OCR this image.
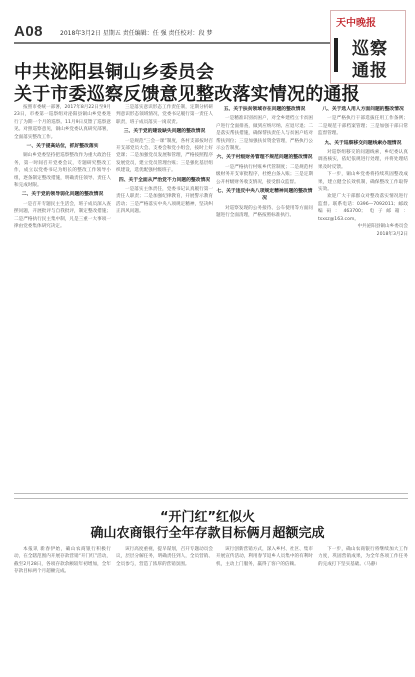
A08	2018年3月2日 星期五 责任编辑：任 强 责任校对：段 梦
天中晚报
巡察
通报
中共泌阳县铜山乡委员会
关于市委巡察反馈意见整改落实情况的通报

按照市委统一部署，2017年8月22日至9月23日，市委第一巡察组对泌阳县铜山乡党委进行了为期一个月的巡察。11月9日反馈了巡察意见。对照巡察意见，铜山乡党委认真研究部署，全面落实整改工作。

一、关于提高站位，抓好整改落实

铜山乡党委坚持把巡察整改作为重大政治任务，第一时间召开党委会议，专题研究整改工作，成立以党委书记为组长的整改工作领导小组，逐条制定整改措施，明确责任领导、责任人和完成时限。

二、关于党的领导弱化问题的整改情况

一是召开专题民主生活会，班子成员深入查摆问题，开展批评与自我批评，制定整改措施；二是严格执行民主集中制，凡是三重一大事项一律由党委集体研究决定。

三是落实意识形态工作责任制，定期分析研判意识形态领域情况，党委书记履行第一责任人职责，班子成员落实一岗双责。

三、关于党的建设缺失问题的整改情况

一是规范“三会一课”制度，各村支部按时召开支部党员大会、支委会和党小组会，按时上好党课；二是加强党员发展和管理，严格按照程序发展党员，建立党员管理台账；三是强化基层组织建设，选优配强村级班子。

四、关于全面从严治党不力问题的整改情况

一是落实主体责任，党委书记认真履行第一责任人职责；二是加强纪律教育，开展警示教育活动；三是严格落实中央八项规定精神，坚决纠正四风问题。

五、关于扶贫领域存在问题的整改情况

一是精准识别贫困户，对全乡建档立卡贫困户进行全面排查，做到应纳尽纳、应退尽退；二是落实帮扶措施，确保帮扶责任人与贫困户结对帮扶到位；三是加强扶贫资金管理，严格执行公示公告制度。

六、关于村级财务管理不规范问题的整改情况

一是严格执行村账乡代管制度；二是规范村级财务开支审批程序，杜绝白条入账；三是定期公开村级财务收支情况，接受群众监督。

七、关于违反中央八项规定精神问题的整改情况

对巡察发现的公务接待、公车使用等方面问题进行全面清理，严格按照标准执行。

八、关于选人用人方面问题的整改情况

一是严格执行干部选拔任用工作条例；二是规范干部档案管理；三是加强干部日常监督管理。

九、关于巡察移交问题线索办理情况

对巡察组移交的问题线索，乡纪委认真调查核实，依纪依规进行处理，并将处理结果及时反馈。

下一步，铜山乡党委将持续巩固整改成果，建立健全长效机制，确保整改工作取得实效。

欢迎广大干部群众对整改落实情况进行监督。联系电话：0396—7092011；邮政编码：463700；电子邮箱：tsxsz@163.com。

中共泌阳县铜山乡委员会

2018年3月2日

“开门红”红似火
确山农商银行全年存款目标俩月超额完成

本报讯 新春伊始，确山农商银行积极行动，在全辖范围内开展存款营销“开门红”活动，截至2月28日，各项存款余额较年初增加，全年存款目标两个月超额完成。

该行高度重视，提早谋划，召开专题动员会议，层层分解任务，明确责任到人，全员营销、全员参与，营造了浓厚的营销氛围。

该行创新营销方式，深入乡村、社区、集市开展宣传活动，利用春节返乡人员集中的有利时机，主动上门服务，赢得了客户的信赖。

下一步，确山农商银行将继续加大工作力度，巩固营销成果，为全年各项工作任务的完成打下坚实基础。（马静）
